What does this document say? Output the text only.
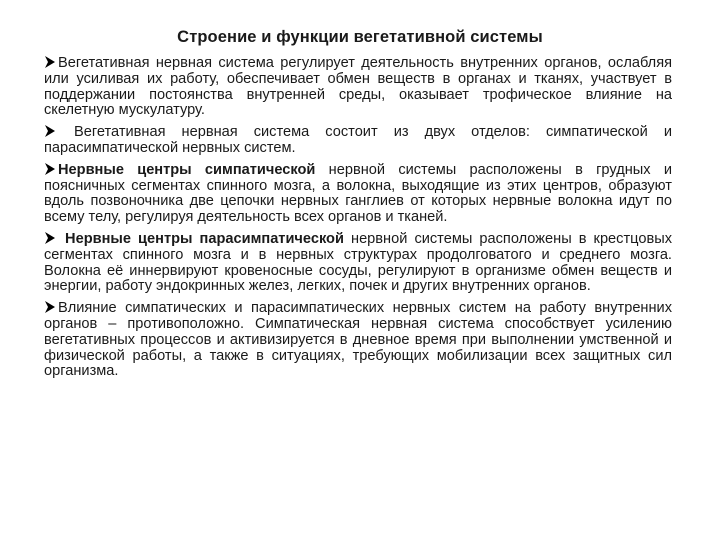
Строение и функции вегетативной системы

Вегетативная нервная система регулирует деятельность внутренних органов, ослабляя или усиливая их работу, обеспечивает обмен веществ в органах и тканях, участвует в поддержании постоянства внутренней среды, оказывает трофическое влияние на скелетную мускулатуру.

Вегетативная нервная система состоит из двух отделов: симпатической и парасимпатической нервных систем.

Нервные центры симпатической нервной системы расположены в грудных и поясничных сегментах спинного мозга, а волокна, выходящие из этих центров, образуют вдоль позвоночника две цепочки нервных ганглиев от которых нервные волокна идут по всему телу, регулируя деятельность всех органов и тканей.

Нервные центры парасимпатической нервной системы расположены в крестцовых сегментах спинного мозга и в нервных структурах продолговатого и среднего мозга. Волокна её иннервируют кровеносные сосуды, регулируют в организме обмен веществ и энергии, работу эндокринных желез, легких, почек и других внутренних органов.

Влияние симпатических и парасимпатических нервных систем на работу внутренних органов – противоположно. Симпатическая нервная система способствует усилению вегетативных процессов и активизируется в дневное время при выполнении умственной и физической работы, а также в ситуациях, требующих мобилизации всех защитных сил организма.
